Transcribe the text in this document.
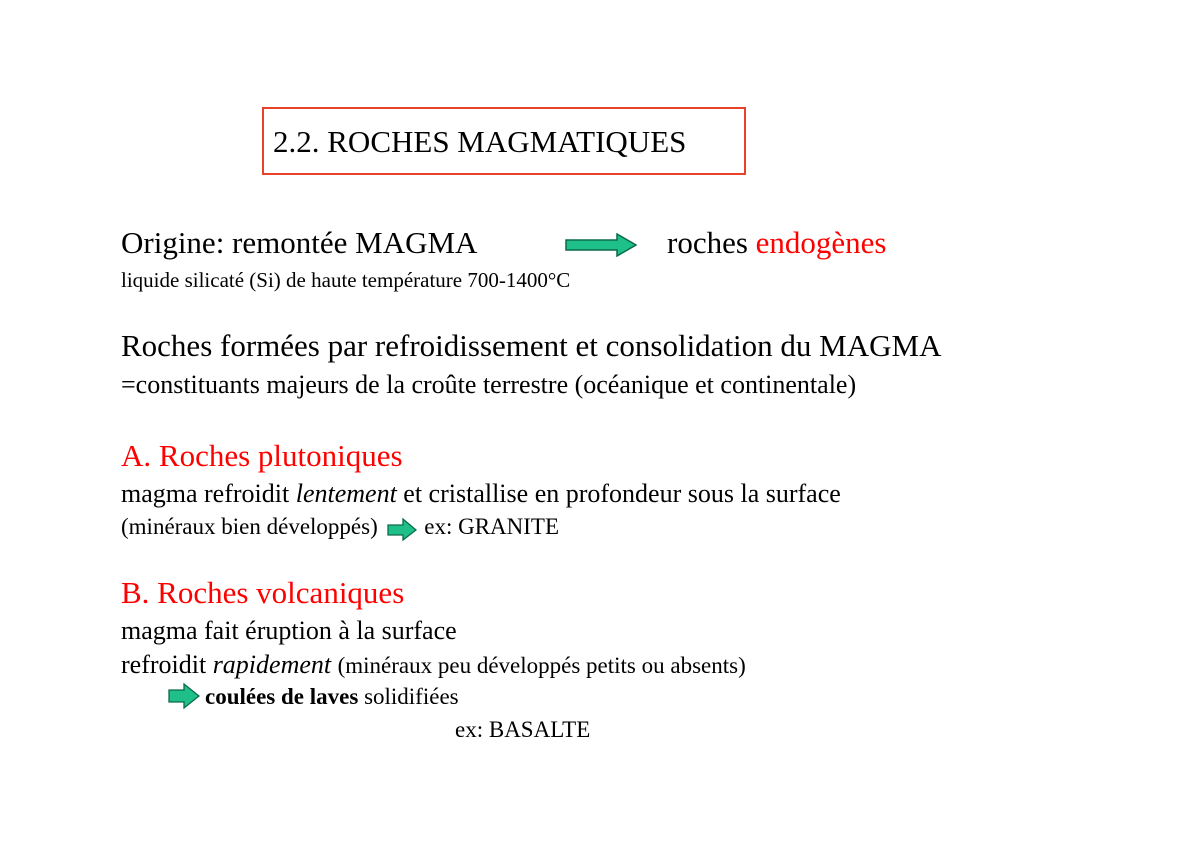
2.2. ROCHES MAGMATIQUES
Origine: remontée MAGMA	roches endogènes
liquide silicaté (Si) de haute température 700-1400°C
Roches formées par refroidissement et consolidation du MAGMA
=constituants majeurs de la croûte terrestre (océanique et continentale)
A. Roches plutoniques
magma refroidit lentement et cristallise en profondeur sous la surface
(minéraux bien développés) ex: GRANITE
B. Roches volcaniques
magma fait éruption à la surface
refroidit rapidement (minéraux peu développés petits ou absents)
coulées de laves solidifiées
ex: BASALTE
